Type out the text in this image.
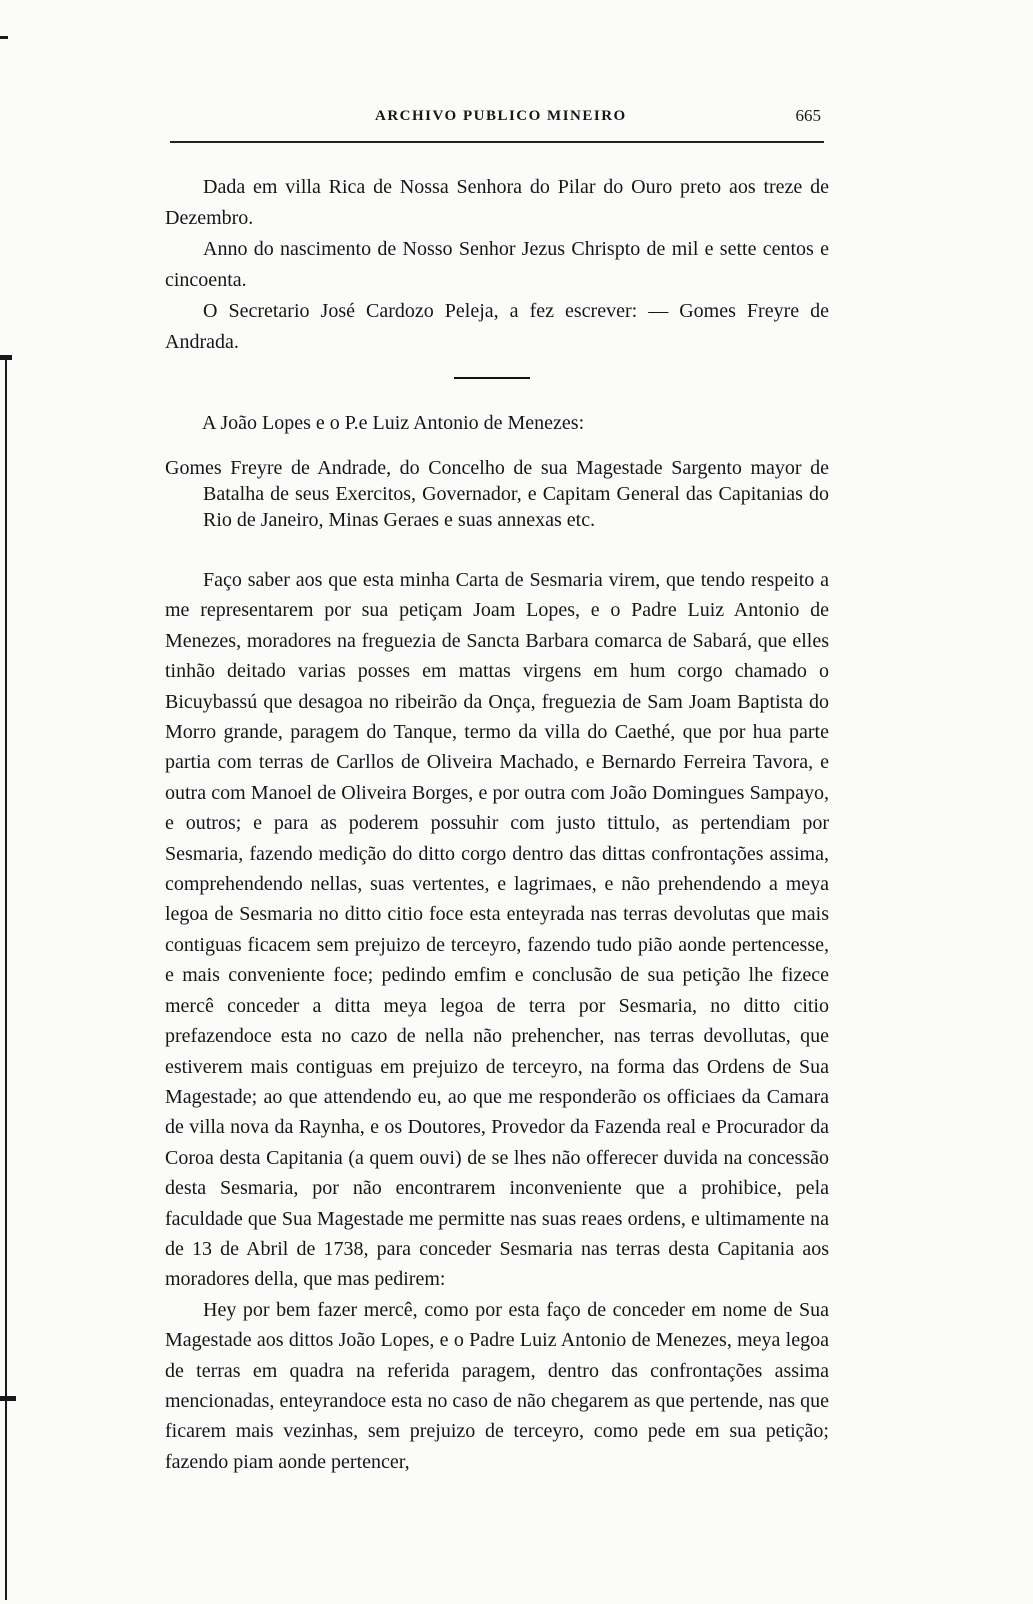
ARCHIVO PUBLICO MINEIRO	665

Dada em villa Rica de Nossa Senhora do Pilar do Ouro preto aos treze de Dezembro.

Anno do nascimento de Nosso Senhor Jezus Chrispto de mil e sette centos e cincoenta.

O Secretario José Cardozo Peleja, a fez escrever: — Gomes Freyre de Andrada.

A João Lopes e o P.e Luiz Antonio de Menezes:
Gomes Freyre de Andrade, do Concelho de sua Magestade Sargento mayor de Batalha de seus Exercitos, Governador, e Capitam General das Capitanias do Rio de Janeiro, Minas Geraes e suas annexas etc.

Faço saber aos que esta minha Carta de Sesmaria virem, que tendo respeito a me representarem por sua petiçam Joam Lopes, e o Padre Luiz Antonio de Menezes, moradores na freguezia de Sancta Barbara comarca de Sabará, que elles tinhão deitado varias posses em mattas virgens em hum corgo chamado o Bicuybassú que desagoa no ribeirão da Onça, freguezia de Sam Joam Baptista do Morro grande, paragem do Tanque, termo da villa do Caethé, que por hua parte partia com terras de Carllos de Oliveira Machado, e Bernardo Ferreira Tavora, e outra com Manoel de Oliveira Borges, e por outra com João Domingues Sampayo, e outros; e para as poderem possuhir com justo tittulo, as pertendiam por Sesmaria, fazendo medição do ditto corgo dentro das dittas confrontações assima, comprehendendo nellas, suas vertentes, e lagrimaes, e não prehendendo a meya legoa de Sesmaria no ditto citio foce esta enteyrada nas terras devolutas que mais contiguas ficacem sem prejuizo de terceyro, fazendo tudo pião aonde pertencesse, e mais conveniente foce; pedindo emfim e conclusão de sua petição lhe fizece mercê conceder a ditta meya legoa de terra por Sesmaria, no ditto citio prefazendoce esta no cazo de nella não prehencher, nas terras devollutas, que estiverem mais contiguas em prejuizo de terceyro, na forma das Ordens de Sua Magestade; ao que attendendo eu, ao que me responderão os officiaes da Camara de villa nova da Raynha, e os Doutores, Provedor da Fazenda real e Procurador da Coroa desta Capitania (a quem ouvi) de se lhes não offerecer duvida na concessão desta Sesmaria, por não encontrarem inconveniente que a prohibice, pela faculdade que Sua Magestade me permitte nas suas reaes ordens, e ultimamente na de 13 de Abril de 1738, para conceder Sesmaria nas terras desta Capitania aos moradores della, que mas pedirem:

Hey por bem fazer mercê, como por esta faço de conceder em nome de Sua Magestade aos dittos João Lopes, e o Padre Luiz Antonio de Menezes, meya legoa de terras em quadra na referida paragem, dentro das confrontações assima mencionadas, enteyrandoce esta no caso de não chegarem as que pertende, nas que ficarem mais vezinhas, sem prejuizo de terceyro, como pede em sua petição; fazendo piam aonde pertencer,
